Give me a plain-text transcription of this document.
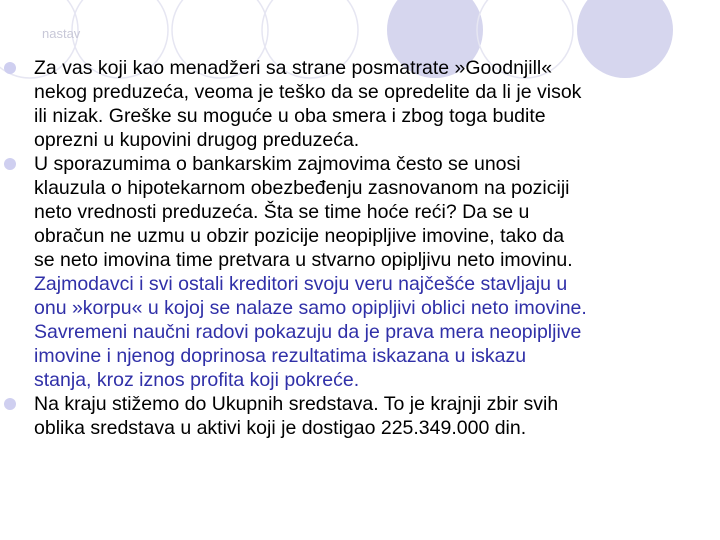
nastav
Za vas koji kao menadžeri sa strane posmatrate »Goodnjill«
nekog preduzeća, veoma je teško da se opredelite da li je visok
ili nizak. Greške su moguće u oba smera i zbog toga budite
oprezni u kupovini drugog preduzeća.
U sporazumima o bankarskim zajmovima često se unosi
klauzula o hipotekarnom obezbeđenju zasnovanom na poziciji
neto vrednosti preduzeća. Šta se time hoće reći? Da se u
obračun ne uzmu u obzir pozicije neopipljive imovine, tako da
se neto imovina time pretvara u stvarno opipljivu neto imovinu.
Zajmodavci i svi ostali kreditori svoju veru najčešće stavljaju u
onu »korpu« u kojoj se nalaze samo opipljivi oblici neto imovine.
Savremeni naučni radovi pokazuju da je prava mera neopipljive
imovine i njenog doprinosa rezultatima iskazana u iskazu
stanja, kroz iznos profita koji pokreće.
Na kraju stižemo do Ukupnih sredstava. To je krajnji zbir svih
oblika sredstava u aktivi koji je dostigao 225.349.000 din.
